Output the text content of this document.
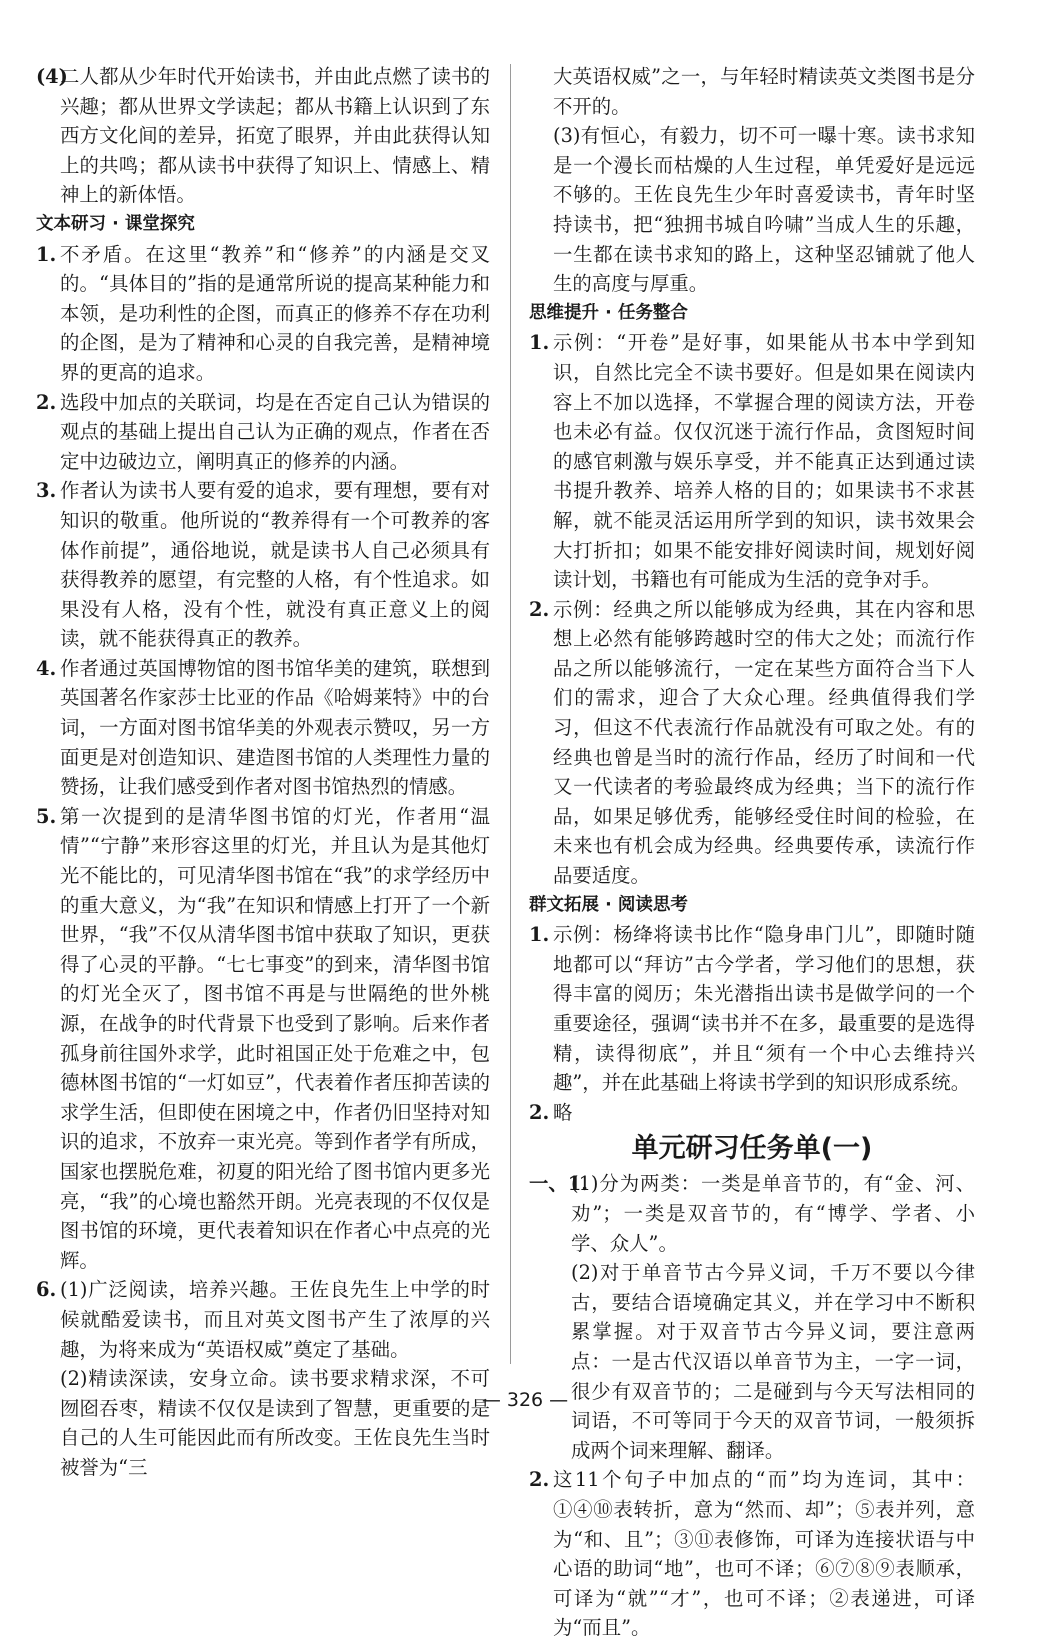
(4)
二人都从少年时代开始读书，并由此点燃了读书的兴趣；都从世界文学读起；都从书籍上认识到了东西方文化间的差异，拓宽了眼界，并由此获得认知上的共鸣；都从读书中获得了知识上、情感上、精神上的新体悟。

文本研习 · 课堂探究

1. 不矛盾。在这里“教养”和“修养”的内涵是交叉的。“具体目的”指的是通常所说的提高某种能力和本领，是功利性的企图，而真正的修养不存在功利的企图，是为了精神和心灵的自我完善，是精神境界的更高的追求。

2. 选段中加点的关联词，均是在否定自己认为错误的观点的基础上提出自己认为正确的观点，作者在否定中边破边立，阐明真正的修养的内涵。

3. 作者认为读书人要有爱的追求，要有理想，要有对知识的敬重。他所说的“教养得有一个可教养的客体作前提”，通俗地说，就是读书人自己必须具有获得教养的愿望，有完整的人格，有个性追求。如果没有人格，没有个性，就没有真正意义上的阅读，就不能获得真正的教养。

4. 作者通过英国博物馆的图书馆华美的建筑，联想到英国著名作家莎士比亚的作品《哈姆莱特》中的台词，一方面对图书馆华美的外观表示赞叹，另一方面更是对创造知识、建造图书馆的人类理性力量的赞扬，让我们感受到作者对图书馆热烈的情感。

5. 第一次提到的是清华图书馆的灯光，作者用“温情”“宁静”来形容这里的灯光，并且认为是其他灯光不能比的，可见清华图书馆在“我”的求学经历中的重大意义，为“我”在知识和情感上打开了一个新世界，“我”不仅从清华图书馆中获取了知识，更获得了心灵的平静。“七七事变”的到来，清华图书馆的灯光全灭了，图书馆不再是与世隔绝的世外桃源，在战争的时代背景下也受到了影响。后来作者孤身前往国外求学，此时祖国正处于危难之中，包德林图书馆的“一灯如豆”，代表着作者压抑苦读的求学生活，但即使在困境之中，作者仍旧坚持对知识的追求，不放弃一束光亮。等到作者学有所成，国家也摆脱危难，初夏的阳光给了图书馆内更多光亮，“我”的心境也豁然开朗。光亮表现的不仅仅是图书馆的环境，更代表着知识在作者心中点亮的光辉。

6. (1)广泛阅读，培养兴趣。王佐良先生上中学的时候就酷爱读书，而且对英文图书产生了浓厚的兴趣，为将来成为“英语权威”奠定了基础。

(2)精读深读，安身立命。读书要求精求深，不可囫囵吞枣，精读不仅仅是读到了智慧，更重要的是自己的人生可能因此而有所改变。王佐良先生当时被誉为“三

大英语权威”之一，与年轻时精读英文类图书是分不开的。

(3)有恒心，有毅力，切不可一曝十寒。读书求知是一个漫长而枯燥的人生过程，单凭爱好是远远不够的。王佐良先生少年时喜爱读书，青年时坚持读书，把“独拥书城自吟啸”当成人生的乐趣，一生都在读书求知的路上，这种坚忍铺就了他人生的高度与厚重。

思维提升 · 任务整合

1. 示例：“开卷”是好事，如果能从书本中学到知识，自然比完全不读书要好。但是如果在阅读内容上不加以选择，不掌握合理的阅读方法，开卷也未必有益。仅仅沉迷于流行作品，贪图短时间的感官刺激与娱乐享受，并不能真正达到通过读书提升教养、培养人格的目的；如果读书不求甚解，就不能灵活运用所学到的知识，读书效果会大打折扣；如果不能安排好阅读时间，规划好阅读计划，书籍也有可能成为生活的竞争对手。

2. 示例：经典之所以能够成为经典，其在内容和思想上必然有能够跨越时空的伟大之处；而流行作品之所以能够流行，一定在某些方面符合当下人们的需求，迎合了大众心理。经典值得我们学习，但这不代表流行作品就没有可取之处。有的经典也曾是当时的流行作品，经历了时间和一代又一代读者的考验最终成为经典；当下的流行作品，如果足够优秀，能够经受住时间的检验，在未来也有机会成为经典。经典要传承，读流行作品要适度。

群文拓展 · 阅读思考

1. 示例：杨绛将读书比作“隐身串门儿”，即随时随地都可以“拜访”古今学者，学习他们的思想，获得丰富的阅历；朱光潜指出读书是做学问的一个重要途径，强调“读书并不在多，最重要的是选得精，读得彻底”，并且“须有一个中心去维持兴趣”，并在此基础上将读书学到的知识形成系统。

2. 略

单元研习任务单(一)

一、1.
(1)分为两类：一类是单音节的，有“金、河、劝”；一类是双音节的，有“博学、学者、小学、众人”。

(2)对于单音节古今异义词，千万不要以今律古，要结合语境确定其义，并在学习中不断积累掌握。对于双音节古今异义词，要注意两点：一是古代汉语以单音节为主，一字一词，很少有双音节的；二是碰到与今天写法相同的词语，不可等同于今天的双音节词，一般须拆成两个词来理解、翻译。

2. 这11个句子中加点的“而”均为连词，其中：①④⑩表转折，意为“然而、却”；⑤表并列，意为“和、且”；③⑪表修饰，可译为连接状语与中心语的助词“地”，也可不译；⑥⑦⑧⑨表顺承，可译为“就”“才”，也可不译；②表递进，可译为“而且”。

— 326 —
